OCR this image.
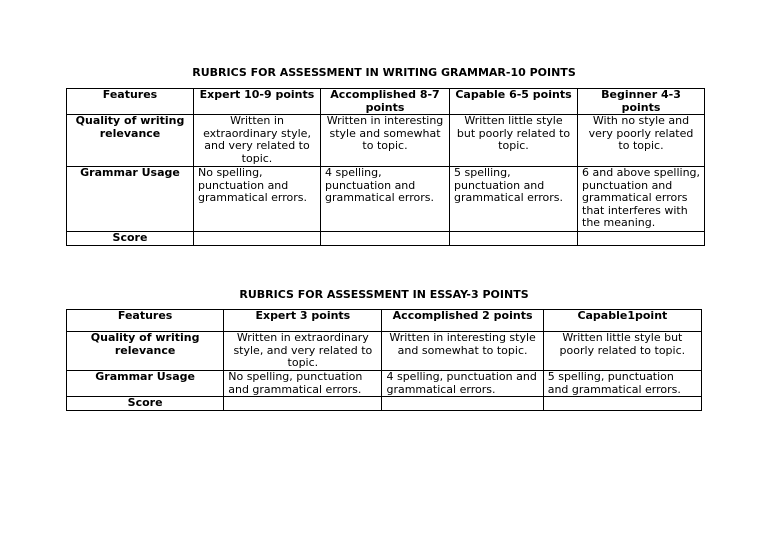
RUBRICS FOR ASSESSMENT IN WRITING GRAMMAR-10 POINTS
Features	Expert 10-9 points	Accomplished 8-7 points	Capable 6-5 points	Beginner 4-3 points
Quality of writing relevance	Written in extraordinary style, and very related to topic.	Written in interesting style and somewhat to topic.	Written little style but poorly related to topic.	With no style and very poorly related to topic.
Grammar Usage	No spelling, punctuation and grammatical errors.	4 spelling, punctuation and grammatical errors.	5 spelling, punctuation and grammatical errors.	6 and above spelling, punctuation and grammatical errors that interferes with the meaning.
Score				
RUBRICS FOR ASSESSMENT IN ESSAY-3 POINTS
Features	Expert 3 points	Accomplished 2 points	Capable1point
Quality of writing relevance	Written in extraordinary style, and very related to topic.	Written in interesting style and somewhat to topic.	Written little style but poorly related to topic.
Grammar Usage	No spelling, punctuation and grammatical errors.	4 spelling, punctuation and grammatical errors.	5 spelling, punctuation and grammatical errors.
Score			
